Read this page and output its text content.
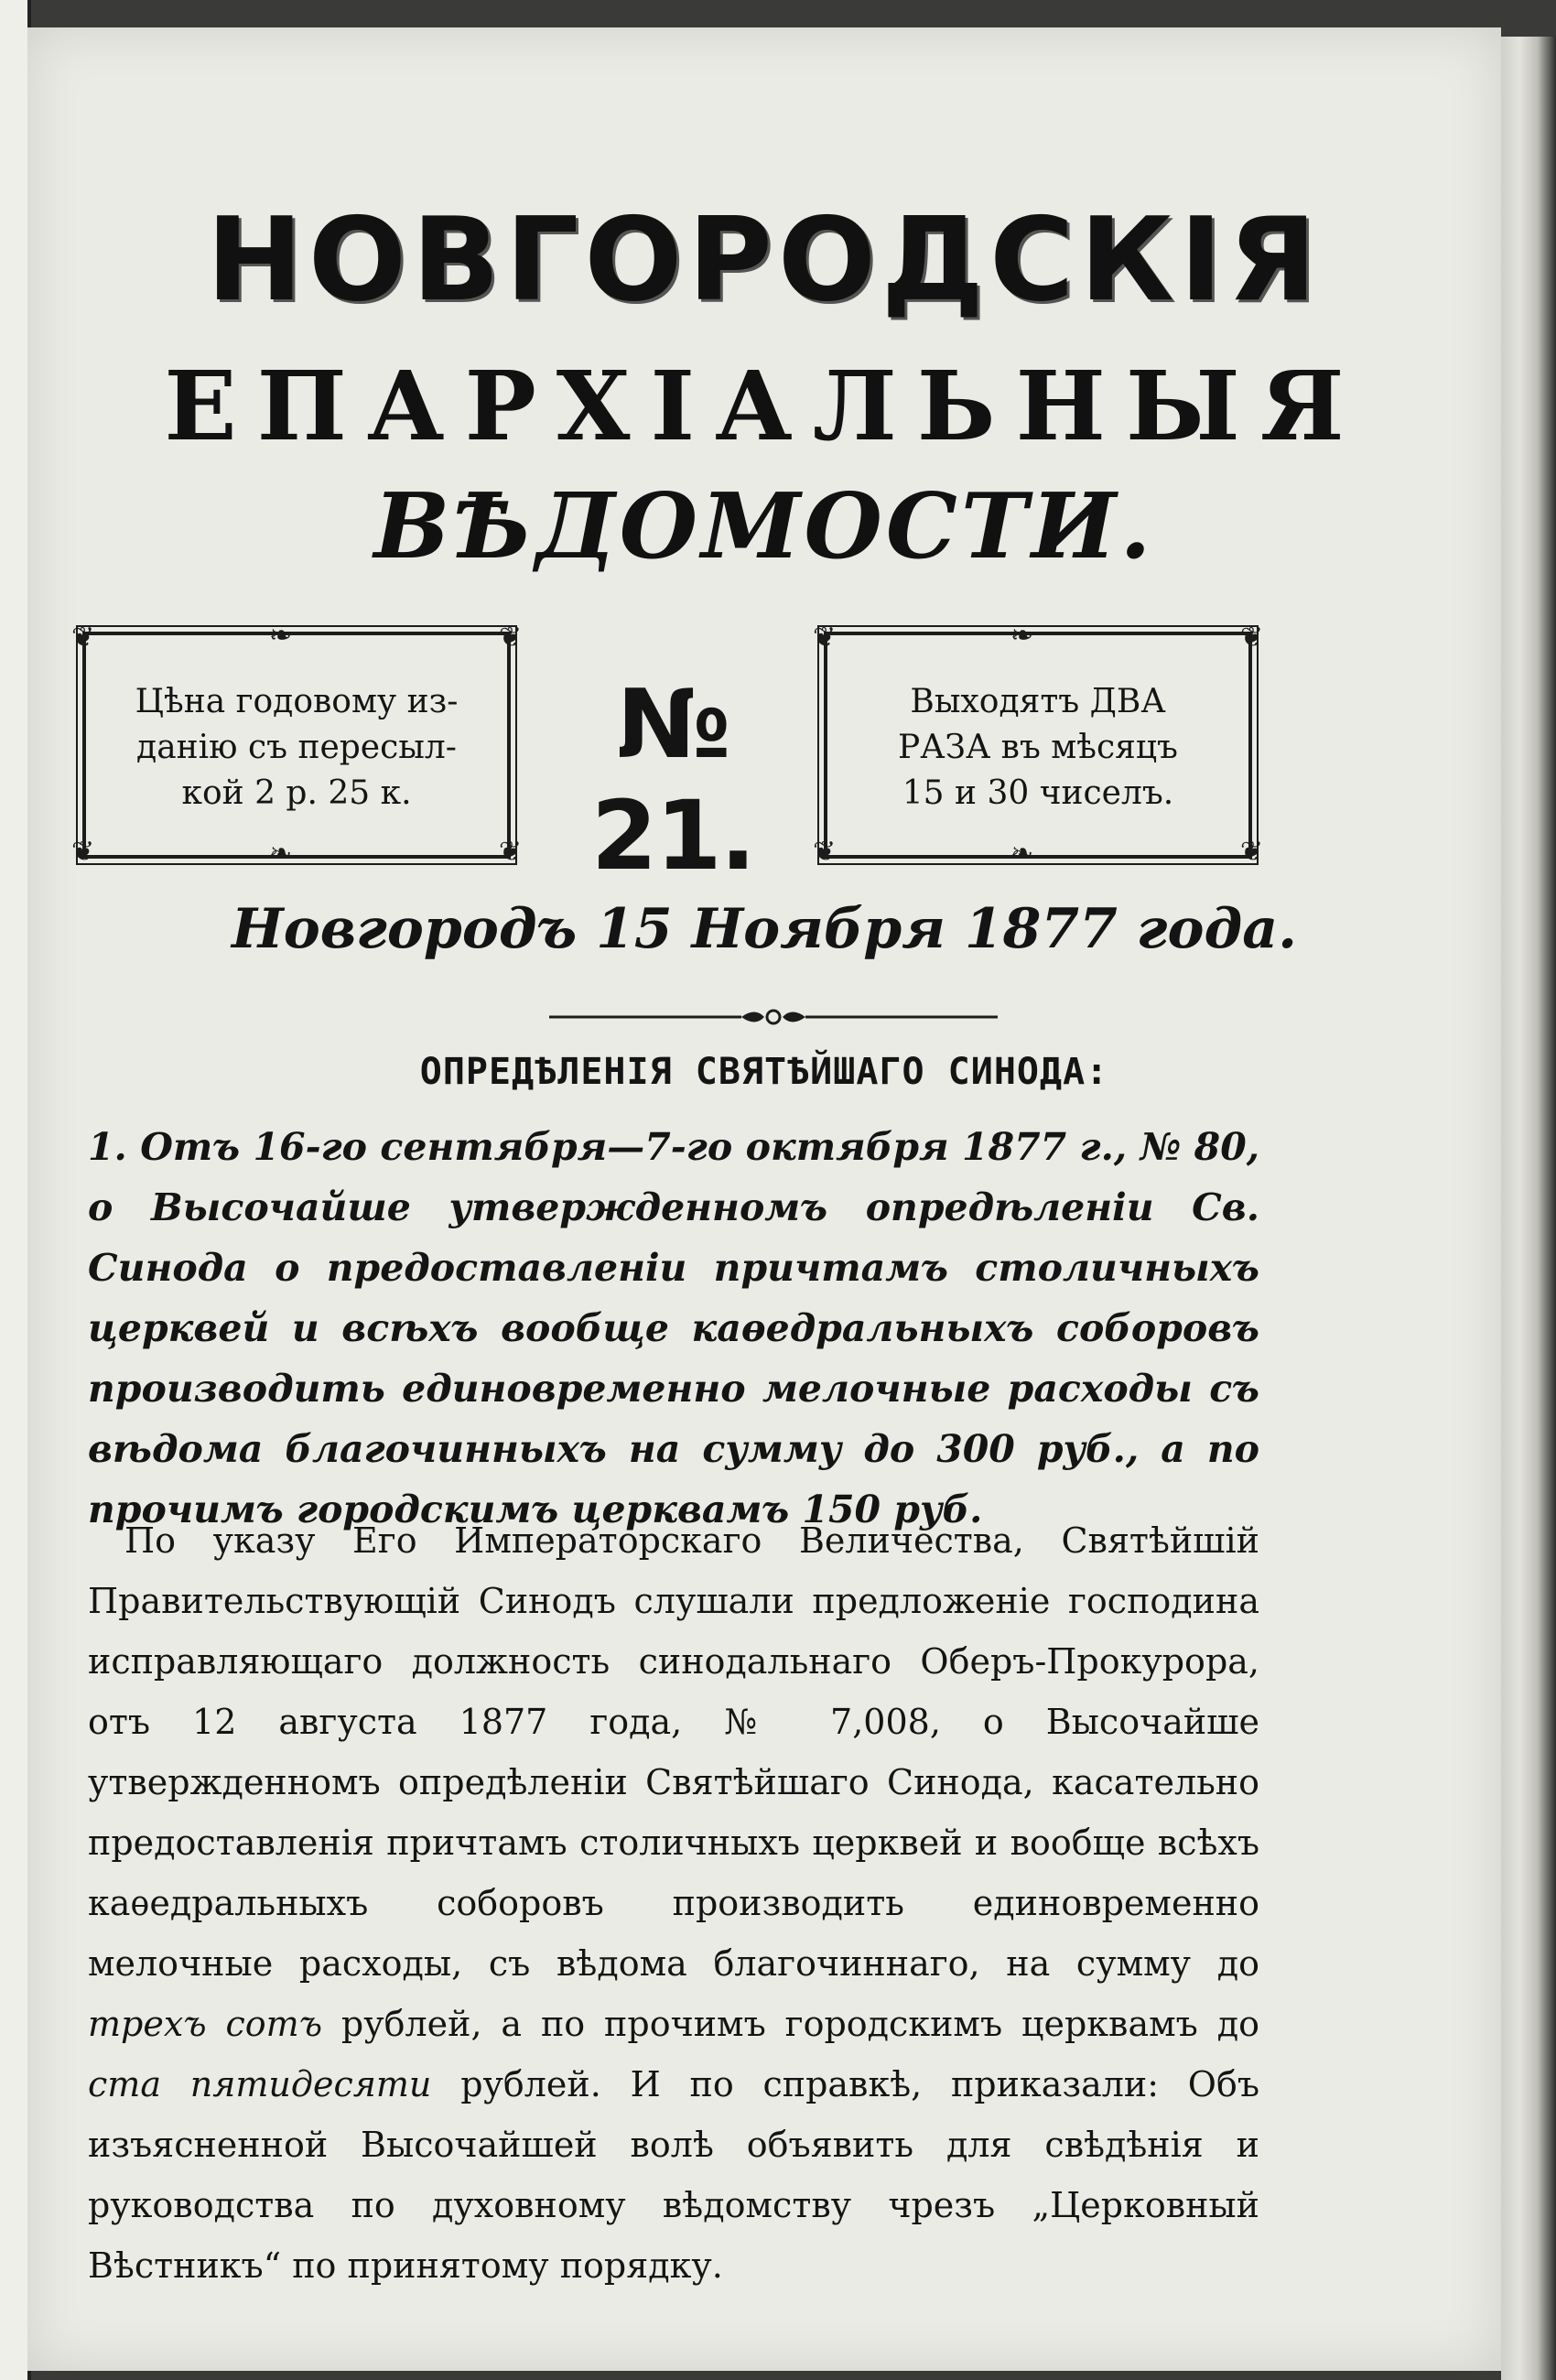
НОВГОРОДСКІЯ
ЕПАРХІАЛЬНЫЯ
ВѢДОМОСТИ.
❦	❦
❦	❦
❧
❧
Цѣна годовому из-
данію съ пересыл-
кой 2 р. 25 к.
№ 21.
❦	❦
❦	❦
❧
❧
Выходятъ ДВА
РАЗА въ мѣсяцъ
15 и 30 чиселъ.
Новгородъ 15 Ноября 1877 года.
ОПРЕДѢЛЕНІЯ СВЯТѢЙШАГО СИНОДА:
1. Отъ 16-го сентября—7-го октября 1877 г., № 80, о Высочайше утвержденномъ опредѣленіи Св. Синода о предоставленіи причтамъ столичныхъ церквей и всѣхъ вообще каѳедральныхъ соборовъ производить единовременно мелочные расходы съ вѣдома благочинныхъ на сумму до 300 руб., а по прочимъ городскимъ церквамъ 150 руб.

По указу Его Императорскаго Величества, Святѣйшій Правительствующій Синодъ слушали предложеніе господина исправляющаго должность синодальнаго Оберъ-Прокурора, отъ 12 августа 1877 года, № 7,008, о Высочайше утвержденномъ опредѣленіи Святѣйшаго Синода, касательно предоставленія причтамъ столичныхъ церквей и вообще всѣхъ каѳедральныхъ соборовъ производить единовременно мелочные расходы, съ вѣдома благочиннаго, на сумму до трехъ сотъ рублей, а по прочимъ городскимъ церквамъ до ста пятидесяти рублей. И по справкѣ, приказали: Объ изъясненной Высочайшей волѣ объявить для свѣдѣнія и руководства по духовному вѣдомству чрезъ „Церковный Вѣстникъ“ по принятому порядку.
